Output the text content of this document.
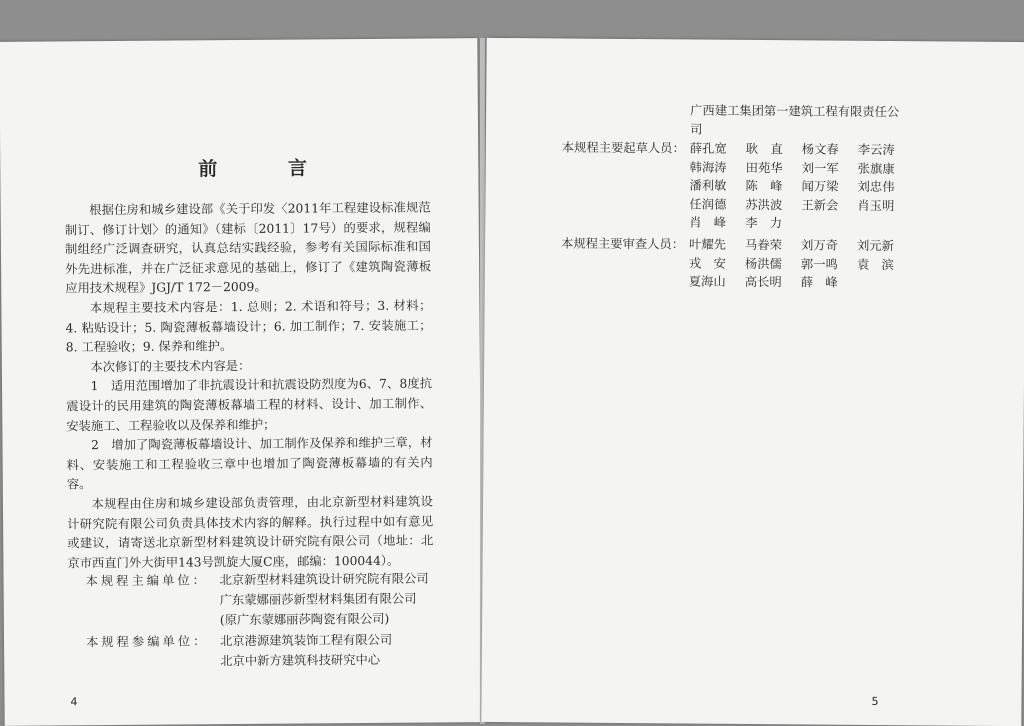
前 言

根据住房和城乡建设部《关于印发〈2011年工程建设标准规范制订、修订计划〉的通知》（建标〔2011〕17号）的要求，规程编制组经广泛调查研究，认真总结实践经验，参考有关国际标准和国外先进标准，并在广泛征求意见的基础上，修订了《建筑陶瓷薄板应用技术规程》JGJ/T 172－2009。

本规程主要技术内容是：1. 总则；2. 术语和符号；3. 材料；4. 粘贴设计；5. 陶瓷薄板幕墙设计；6. 加工制作；7. 安装施工；8. 工程验收；9. 保养和维护。

本次修订的主要技术内容是：

1　适用范围增加了非抗震设计和抗震设防烈度为6、7、8度抗震设计的民用建筑的陶瓷薄板幕墙工程的材料、设计、加工制作、安装施工、工程验收以及保养和维护；

2　增加了陶瓷薄板幕墙设计、加工制作及保养和维护三章，材料、安装施工和工程验收三章中也增加了陶瓷薄板幕墙的有关内容。

本规程由住房和城乡建设部负责管理，由北京新型材料建筑设计研究院有限公司负责具体技术内容的解释。执行过程中如有意见或建议，请寄送北京新型材料建筑设计研究院有限公司（地址：北京市西直门外大街甲143号凯旋大厦C座，邮编：100044）。

本规程主编单位： 北京新型材料建筑设计研究院有限公司
广东蒙娜丽莎新型材料集团有限公司
(原广东蒙娜丽莎陶瓷有限公司)
本规程参编单位： 北京港源建筑装饰工程有限公司
北京中新方建筑科技研究中心
4
广西建工集团第一建筑工程有限责任公司
本规程主要起草人员： 薛孔宽	耿　直	杨文春	李云涛
韩海涛	田苑华	刘一军	张旗康
潘利敏	陈　峰	闻万梁	刘忠伟
任润德	苏洪波	王新会	肖玉明
肖　峰	李　力
本规程主要审查人员： 叶耀先	马眷荣	刘万奇	刘元新
戎　安	杨洪儒	郭一鸣	袁　滨
夏海山	高长明	薛　峰
5
